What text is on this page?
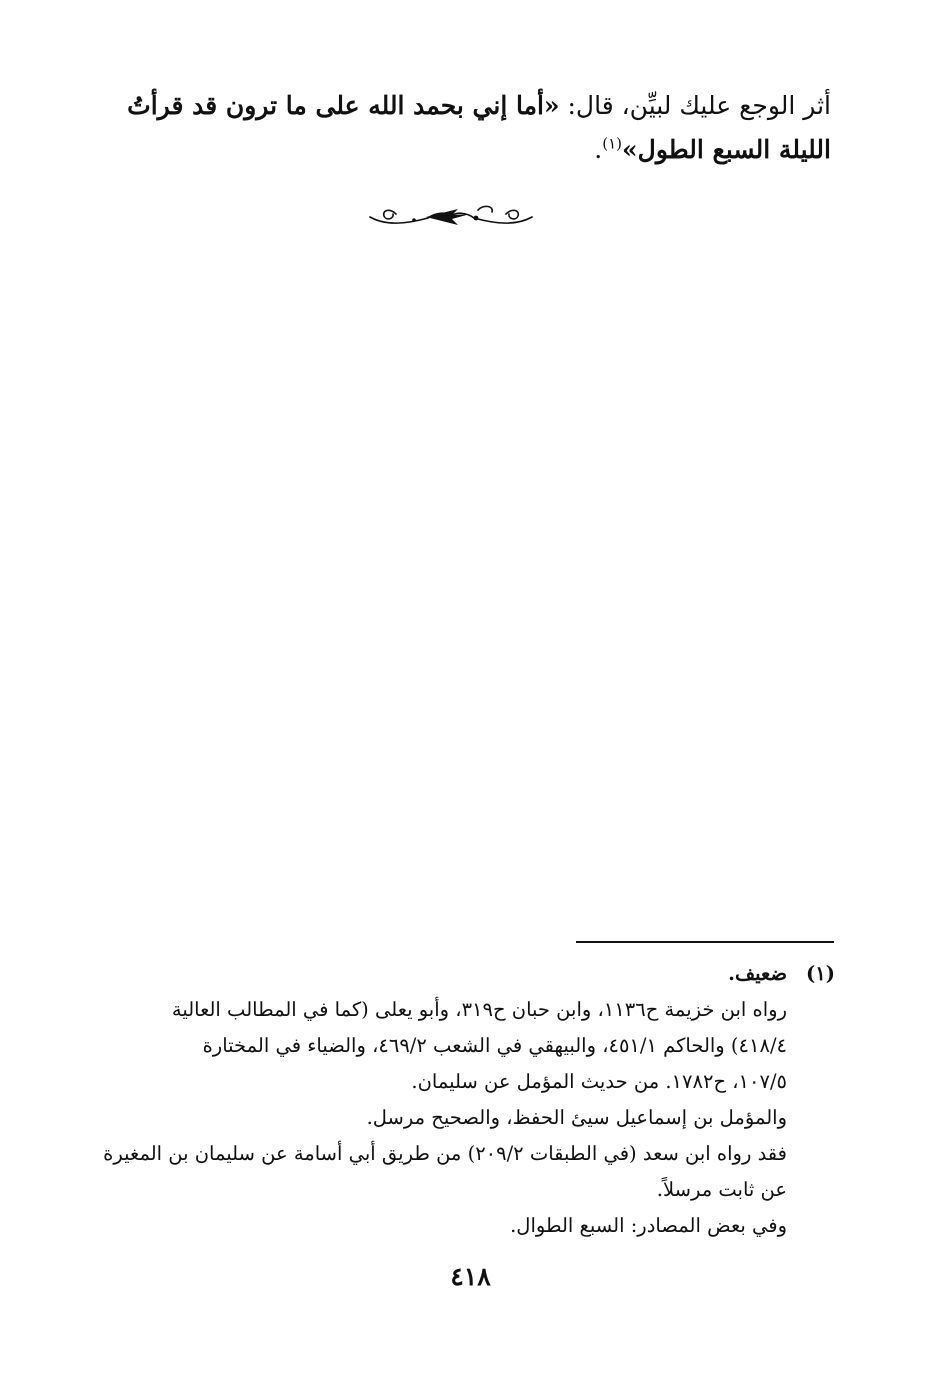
أثر الوجع عليك لبيِّن، قال: «أما إني بحمد الله على ما ترون قد قرأتُ
الليلة السبع الطول»$^{(١)}$.
(١)
ضعيف.
رواه ابن خزيمة ح١١٣٦، وابن حبان ح٣١٩، وأبو يعلى (كما في المطالب العالية
٤١٨/٤) والحاكم ٤٥١/١، والبيهقي في الشعب ٤٦٩/٢، والضياء في المختارة
١٠٧/٥، ح١٧٨٢. من حديث المؤمل عن سليمان.
والمؤمل بن إسماعيل سيئ الحفظ، والصحيح مرسل.
فقد رواه ابن سعد (في الطبقات ٢٠٩/٢) من طريق أبي أسامة عن سليمان بن المغيرة
عن ثابت مرسلاً.
وفي بعض المصادر: السبع الطوال.
٤١٨
